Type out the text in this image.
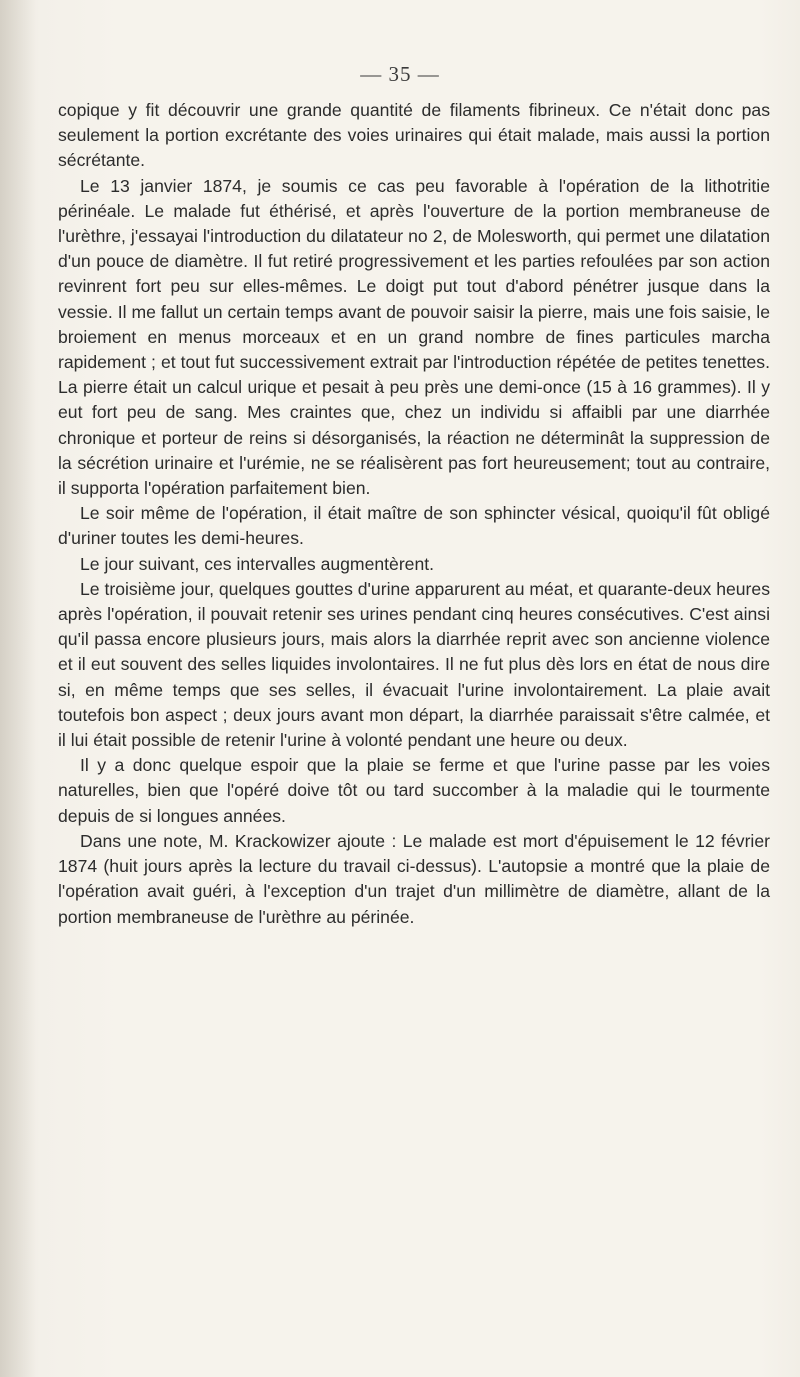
— 35 —

copique y fit découvrir une grande quantité de filaments fibrineux. Ce n'était donc pas seulement la portion excrétante des voies urinaires qui était malade, mais aussi la portion sécrétante.

Le 13 janvier 1874, je soumis ce cas peu favorable à l'opération de la lithotritie périnéale. Le malade fut éthérisé, et après l'ouverture de la portion membraneuse de l'urèthre, j'essayai l'introduction du dilatateur no 2, de Molesworth, qui permet une dilatation d'un pouce de diamètre. Il fut retiré progressivement et les parties refoulées par son action revinrent fort peu sur elles-mêmes. Le doigt put tout d'abord pénétrer jusque dans la vessie. Il me fallut un certain temps avant de pouvoir saisir la pierre, mais une fois saisie, le broiement en menus morceaux et en un grand nombre de fines particules marcha rapidement ; et tout fut successivement extrait par l'introduction répétée de petites tenettes. La pierre était un calcul urique et pesait à peu près une demi-once (15 à 16 grammes). Il y eut fort peu de sang. Mes craintes que, chez un individu si affaibli par une diarrhée chronique et porteur de reins si désorganisés, la réaction ne déterminât la suppression de la sécrétion urinaire et l'urémie, ne se réalisèrent pas fort heureusement; tout au contraire, il supporta l'opération parfaitement bien.

Le soir même de l'opération, il était maître de son sphincter vésical, quoiqu'il fût obligé d'uriner toutes les demi-heures.

Le jour suivant, ces intervalles augmentèrent.

Le troisième jour, quelques gouttes d'urine apparurent au méat, et quarante-deux heures après l'opération, il pouvait retenir ses urines pendant cinq heures consécutives. C'est ainsi qu'il passa encore plusieurs jours, mais alors la diarrhée reprit avec son ancienne violence et il eut souvent des selles liquides involontaires. Il ne fut plus dès lors en état de nous dire si, en même temps que ses selles, il évacuait l'urine involontairement. La plaie avait toutefois bon aspect ; deux jours avant mon départ, la diarrhée paraissait s'être calmée, et il lui était possible de retenir l'urine à volonté pendant une heure ou deux.

Il y a donc quelque espoir que la plaie se ferme et que l'urine passe par les voies naturelles, bien que l'opéré doive tôt ou tard succomber à la maladie qui le tourmente depuis de si longues années.

Dans une note, M. Krackowizer ajoute : Le malade est mort d'épuisement le 12 février 1874 (huit jours après la lecture du travail ci-dessus). L'autopsie a montré que la plaie de l'opération avait guéri, à l'exception d'un trajet d'un millimètre de diamètre, allant de la portion membraneuse de l'urèthre au périnée.
